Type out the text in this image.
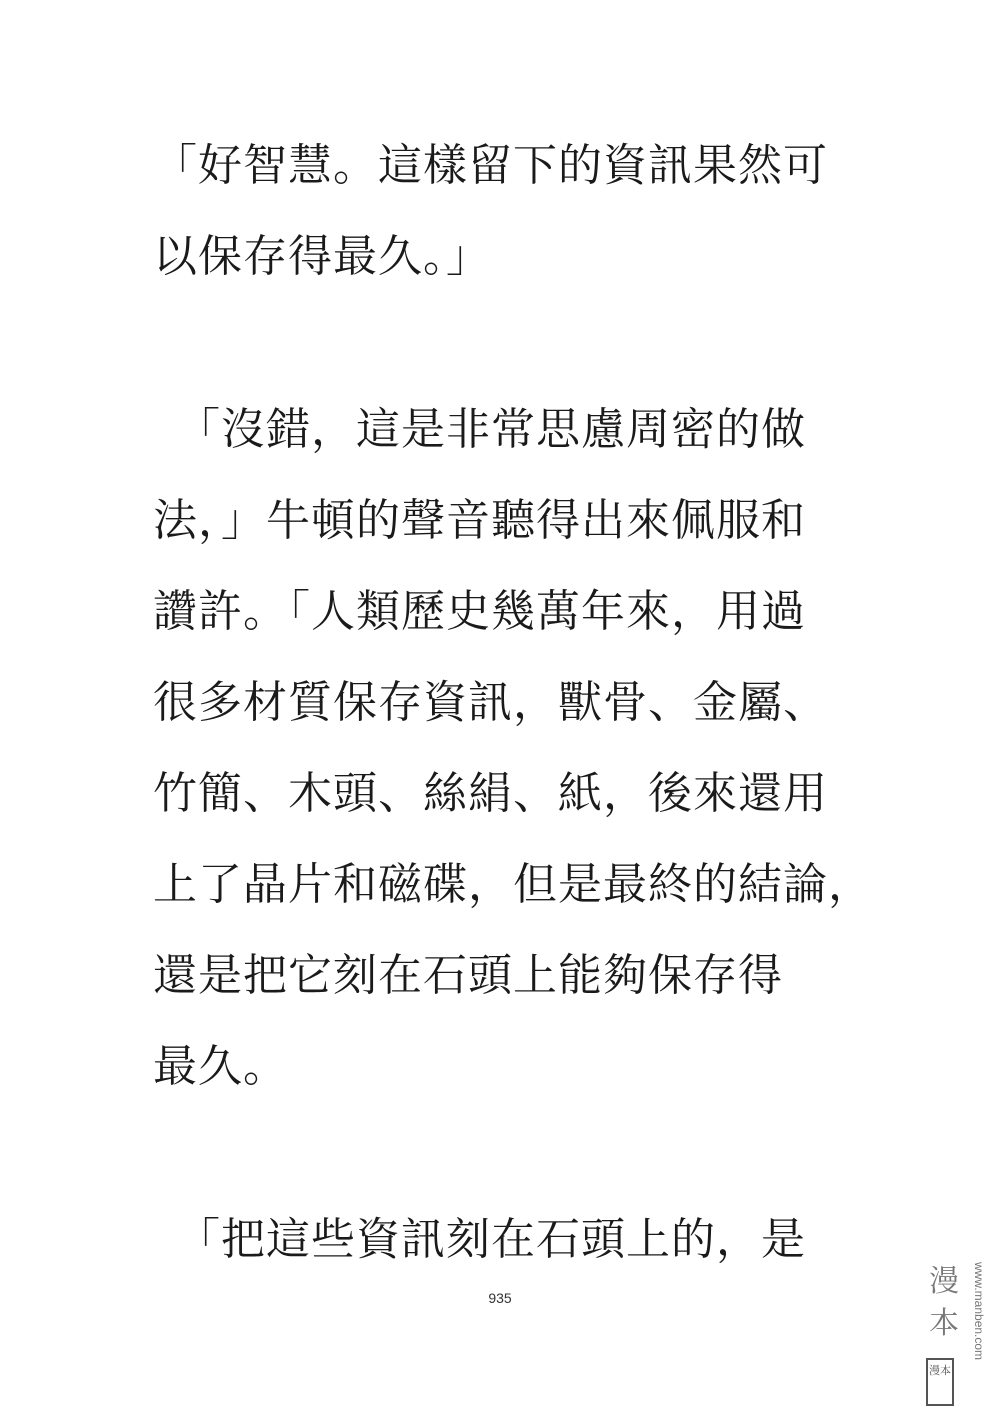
「好智慧。這樣留下的資訊果然可
以保存得最久。」
　「沒錯，這是非常思慮周密的做
法，」牛頓的聲音聽得出來佩服和
讚許。「人類歷史幾萬年來，用過
很多材質保存資訊，獸骨、金屬、
竹簡、木頭、絲絹、紙，後來還用
上了晶片和磁碟，但是最終的結論，
還是把它刻在石頭上能夠保存得
最久。
　「把這些資訊刻在石頭上的，是
935	漫
本
漫本
www.manben.com
